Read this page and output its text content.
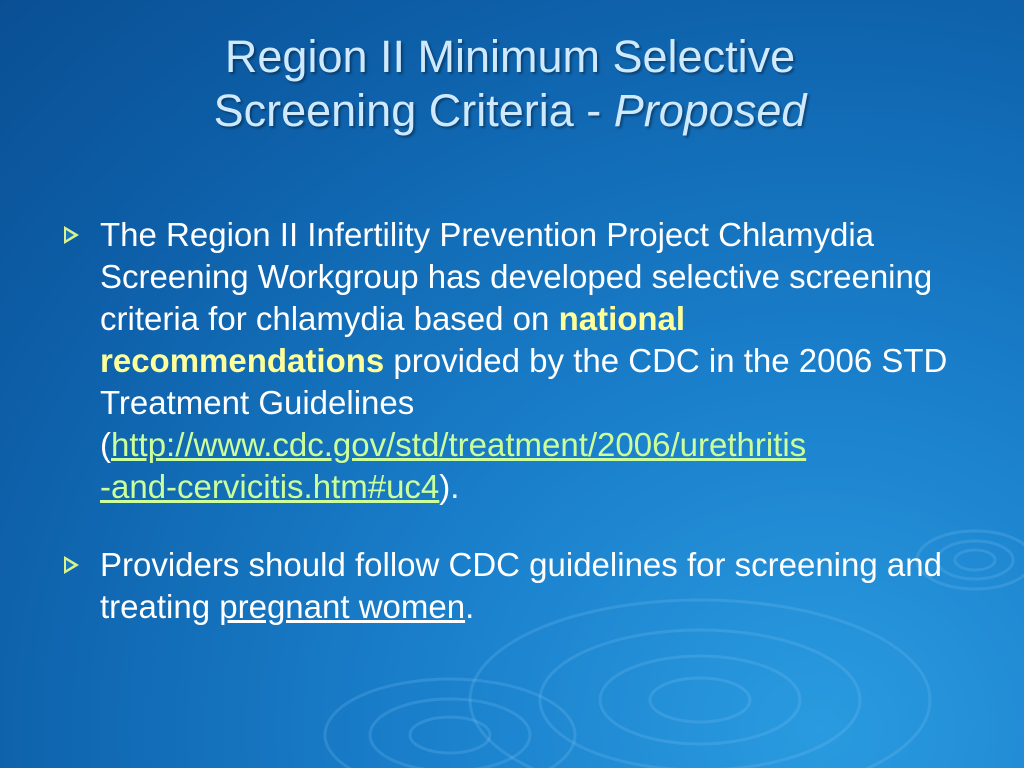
Region II Minimum Selective
Screening Criteria - Proposed
The Region II Infertility Prevention Project Chlamydia Screening Workgroup has developed selective screening criteria for chlamydia based on national recommendations provided by the CDC in the 2006 STD Treatment Guidelines (http://www.cdc.gov/std/treatment/2006/urethritis
-and-cervicitis.htm#uc4).
Providers should follow CDC guidelines for screening and treating pregnant women.
